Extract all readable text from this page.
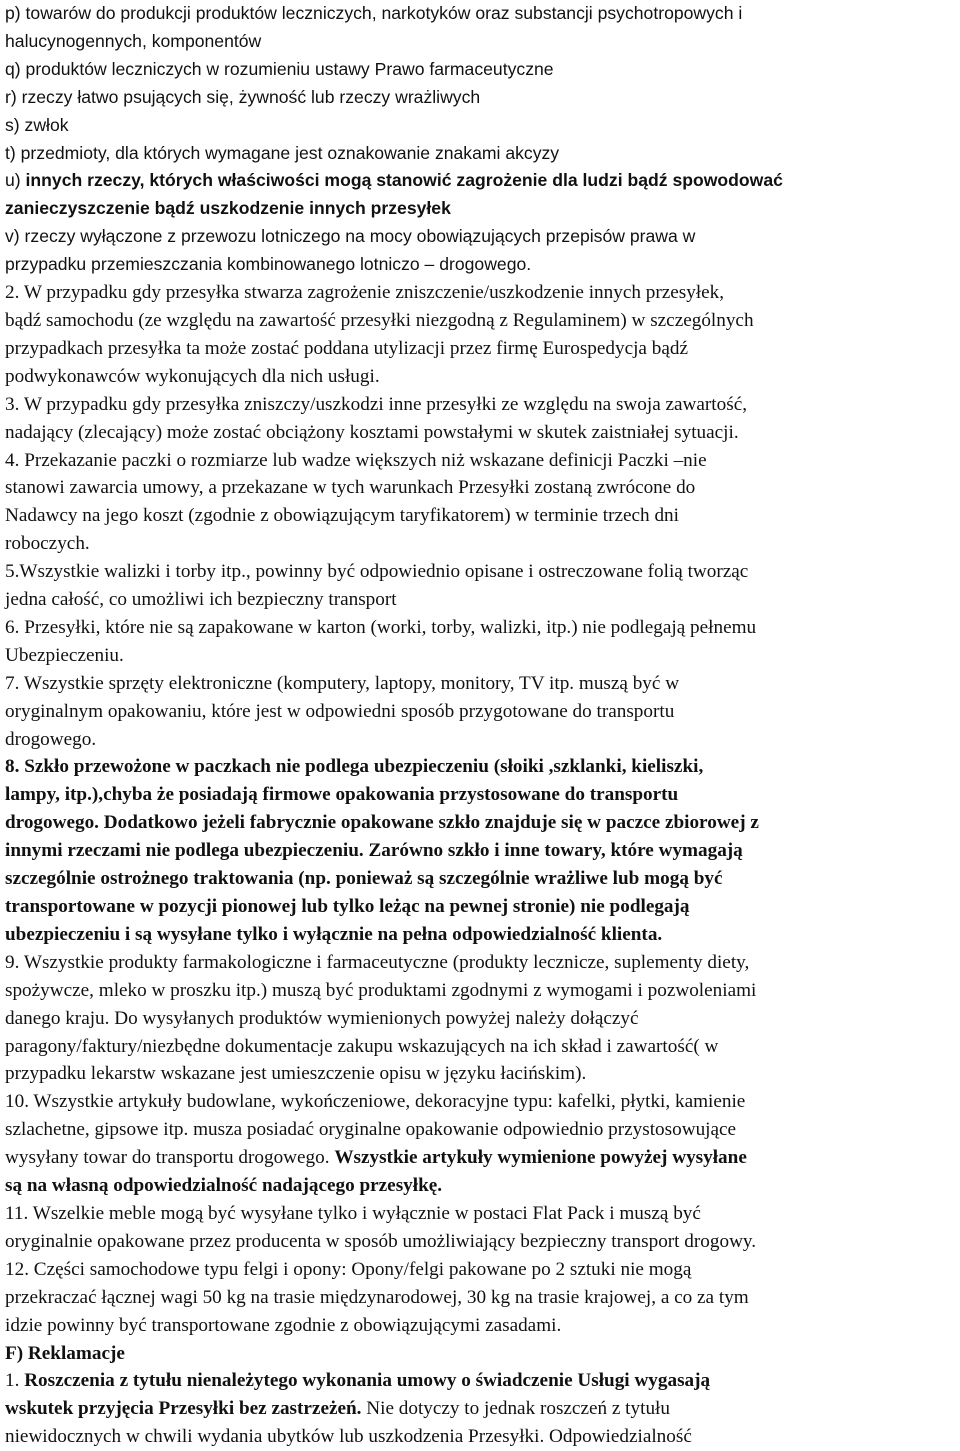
p) towarów do produkcji produktów leczniczych, narkotyków oraz substancji psychotropowych i

halucynogennych, komponentów

q) produktów leczniczych w rozumieniu ustawy Prawo farmaceutyczne

r) rzeczy łatwo psujących się, żywność lub rzeczy wrażliwych

s) zwłok

t) przedmioty, dla których wymagane jest oznakowanie znakami akcyzy

u) innych rzeczy, których właściwości mogą stanowić zagrożenie dla ludzi bądź spowodować

zanieczyszczenie bądź uszkodzenie innych przesyłek

v) rzeczy wyłączone z przewozu lotniczego na mocy obowiązujących przepisów prawa w

przypadku przemieszczania kombinowanego lotniczo – drogowego.

2. W przypadku gdy przesyłka stwarza zagrożenie zniszczenie/uszkodzenie innych przesyłek,

bądź samochodu (ze względu na zawartość przesyłki niezgodną z Regulaminem) w szczególnych

przypadkach przesyłka ta może zostać poddana utylizacji przez firmę Eurospedycja bądź

podwykonawców wykonujących dla nich usługi.

3. W przypadku gdy przesyłka zniszczy/uszkodzi inne przesyłki ze względu na swoja zawartość,

nadający (zlecający) może zostać obciążony kosztami powstałymi w skutek zaistniałej sytuacji.

4. Przekazanie paczki o rozmiarze lub wadze większych niż wskazane definicji Paczki –nie

stanowi zawarcia umowy, a przekazane w tych warunkach Przesyłki zostaną zwrócone do

Nadawcy na jego koszt (zgodnie z obowiązującym taryfikatorem) w terminie trzech dni

roboczych.

5.Wszystkie walizki i torby itp., powinny być odpowiednio opisane i ostreczowane folią tworząc

jedna całość, co umożliwi ich bezpieczny transport

6. Przesyłki, które nie są zapakowane w karton (worki, torby, walizki, itp.) nie podlegają pełnemu

Ubezpieczeniu.

7. Wszystkie sprzęty elektroniczne (komputery, laptopy, monitory, TV itp. muszą być w

oryginalnym opakowaniu, które jest w odpowiedni sposób przygotowane do transportu

drogowego.

8. Szkło przewożone w paczkach nie podlega ubezpieczeniu (słoiki ,szklanki, kieliszki,

lampy, itp.),chyba że posiadają firmowe opakowania przystosowane do transportu

drogowego. Dodatkowo jeżeli fabrycznie opakowane szkło znajduje się w paczce zbiorowej z

innymi rzeczami nie podlega ubezpieczeniu. Zarówno szkło i inne towary, które wymagają

szczególnie ostrożnego traktowania (np. ponieważ są szczególnie wrażliwe lub mogą być

transportowane w pozycji pionowej lub tylko leżąc na pewnej stronie) nie podlegają

ubezpieczeniu i są wysyłane tylko i wyłącznie na pełna odpowiedzialność klienta.

9. Wszystkie produkty farmakologiczne i farmaceutyczne (produkty lecznicze, suplementy diety,

spożywcze, mleko w proszku itp.) muszą być produktami zgodnymi z wymogami i pozwoleniami

danego kraju. Do wysyłanych produktów wymienionych powyżej należy dołączyć

paragony/faktury/niezbędne dokumentacje zakupu wskazujących na ich skład i zawartość( w

przypadku lekarstw wskazane jest umieszczenie opisu w języku łacińskim).

10. Wszystkie artykuły budowlane, wykończeniowe, dekoracyjne typu: kafelki, płytki, kamienie

szlachetne, gipsowe itp. musza posiadać oryginalne opakowanie odpowiednio przystosowujące

wysyłany towar do transportu drogowego. Wszystkie artykuły wymienione powyżej wysyłane

są na własną odpowiedzialność nadającego przesyłkę.

11. Wszelkie meble mogą być wysyłane tylko i wyłącznie w postaci Flat Pack i muszą być

oryginalnie opakowane przez producenta w sposób umożliwiający bezpieczny transport drogowy.

12. Części samochodowe typu felgi i opony: Opony/felgi pakowane po 2 sztuki nie mogą

przekraczać łącznej wagi 50 kg na trasie międzynarodowej, 30 kg na trasie krajowej, a co za tym

idzie powinny być transportowane zgodnie z obowiązującymi zasadami.

F) Reklamacje

1. Roszczenia z tytułu nienależytego wykonania umowy o świadczenie Usługi wygasają

wskutek przyjęcia Przesyłki bez zastrzeżeń. Nie dotyczy to jednak roszczeń z tytułu

niewidocznych w chwili wydania ubytków lub uszkodzenia Przesyłki. Odpowiedzialność
